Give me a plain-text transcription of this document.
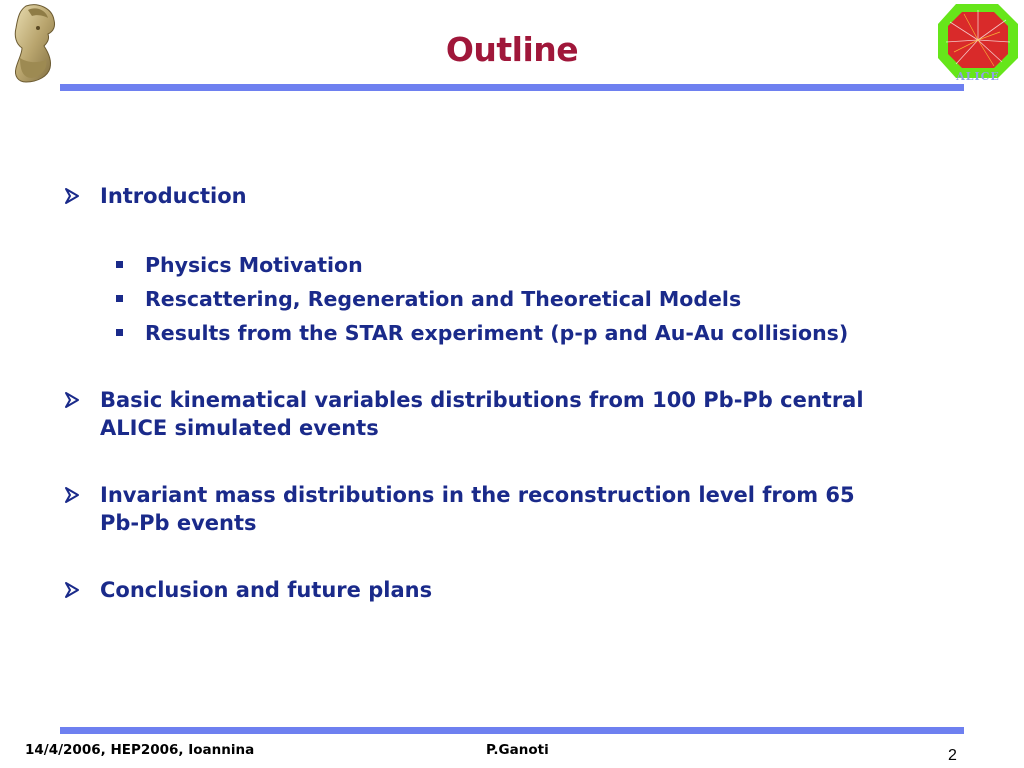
Outline
ALICE
Introduction
Physics Motivation
Rescattering, Regeneration and Theoretical Models
Results from the STAR experiment (p-p and Au-Au collisions)
Basic kinematical variables distributions from 100 Pb-Pb central ALICE simulated events
Invariant mass distributions in the reconstruction level from 65 Pb-Pb events
Conclusion and future plans
14/4/2006, HEP2006, Ioannina	P.Ganoti	2
